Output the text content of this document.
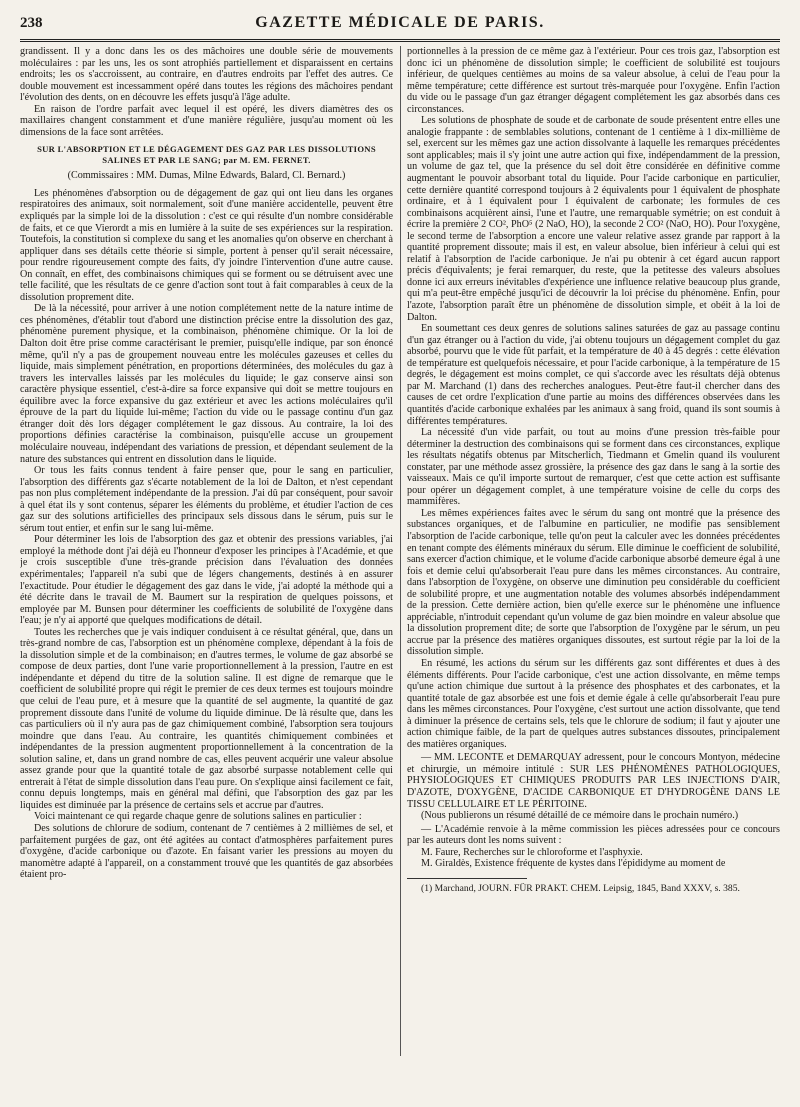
238	GAZETTE MÉDICALE DE PARIS.

grandissent. Il y a donc dans les os des mâchoires une double série de mouvements moléculaires : par les uns, les os sont atrophiés partiellement et disparaissent en certains endroits; les os s'accroissent, au contraire, en d'autres endroits par l'effet des autres. Ce double mouvement est incessamment opéré dans toutes les régions des mâchoires pendant l'évolution des dents, on en découvre les effets jusqu'à l'âge adulte.

En raison de l'ordre parfait avec lequel il est opéré, les divers diamètres des os maxillaires changent constamment et d'une manière régulière, jusqu'au moment où les dimensions de la face sont arrêtées.

SUR L'ABSORPTION ET LE DÉGAGEMENT DES GAZ PAR LES DISSOLUTIONS SALINES ET PAR LE SANG; par M. EM. FERNET.

(Commissaires : MM. Dumas, Milne Edwards, Balard, Cl. Bernard.)

Les phénomènes d'absorption ou de dégagement de gaz qui ont lieu dans les organes respiratoires des animaux, soit normalement, soit d'une manière accidentelle, peuvent être expliqués par la simple loi de la dissolution : c'est ce qui résulte d'un nombre considérable de faits, et ce que Vierordt a mis en lumière à la suite de ses expériences sur la respiration. Toutefois, la constitution si complexe du sang et les anomalies qu'on observe en cherchant à appliquer dans ses détails cette théorie si simple, portent à penser qu'il serait nécessaire, pour rendre rigoureusement compte des faits, d'y joindre l'intervention d'une autre cause. On connaît, en effet, des combinaisons chimiques qui se forment ou se détruisent avec une telle facilité, que les résultats de ce genre d'action sont tout à fait comparables à ceux de la dissolution proprement dite.

De là la nécessité, pour arriver à une notion complétement nette de la nature intime de ces phénomènes, d'établir tout d'abord une distinction précise entre la dissolution des gaz, phénomène purement physique, et la combinaison, phénomène chimique. Or la loi de Dalton doit être prise comme caractérisant le premier, puisqu'elle indique, par son énoncé même, qu'il n'y a pas de groupement nouveau entre les molécules gazeuses et celles du liquide, mais simplement pénétration, en proportions déterminées, des molécules du gaz à travers les intervalles laissés par les molécules du liquide; le gaz conserve ainsi son caractère physique essentiel, c'est-à-dire sa force expansive qui doit se mettre toujours en équilibre avec la force expansive du gaz extérieur et avec les actions moléculaires qu'il éprouve de la part du liquide lui-même; l'action du vide ou le passage continu d'un gaz étranger doit dès lors dégager complétement le gaz dissous. Au contraire, la loi des proportions définies caractérise la combinaison, puisqu'elle accuse un groupement moléculaire nouveau, indépendant des variations de pression, et dépendant seulement de la nature des substances qui entrent en dissolution dans le liquide.

Or tous les faits connus tendent à faire penser que, pour le sang en particulier, l'absorption des différents gaz s'écarte notablement de la loi de Dalton, et n'est cependant pas non plus complétement indépendante de la pression. J'ai dû par conséquent, pour savoir à quel état ils y sont contenus, séparer les éléments du problème, et étudier l'action de ces gaz sur des solutions artificielles des principaux sels dissous dans le sérum, puis sur le sérum tout entier, et enfin sur le sang lui-même.

Pour déterminer les lois de l'absorption des gaz et obtenir des pressions variables, j'ai employé la méthode dont j'ai déjà eu l'honneur d'exposer les principes à l'Académie, et que je crois susceptible d'une très-grande précision dans l'évaluation des données expérimentales; l'appareil n'a subi que de légers changements, destinés à en assurer l'exactitude. Pour étudier le dégagement des gaz dans le vide, j'ai adopté la méthode qui a été décrite dans le travail de M. Baumert sur la respiration de quelques poissons, et employée par M. Bunsen pour déterminer les coefficients de solubilité de l'oxygène dans l'eau; je n'y ai apporté que quelques modifications de détail.

Toutes les recherches que je vais indiquer conduisent à ce résultat général, que, dans un très-grand nombre de cas, l'absorption est un phénomène complexe, dépendant à la fois de la dissolution simple et de la combinaison; en d'autres termes, le volume de gaz absorbé se compose de deux parties, dont l'une varie proportionnellement à la pression, l'autre en est indépendante et dépend du titre de la solution saline. Il est digne de remarque que le coefficient de solubilité propre qui régit le premier de ces deux termes est toujours moindre que celui de l'eau pure, et à mesure que la quantité de sel augmente, la quantité de gaz proprement dissoute dans l'unité de volume du liquide diminue. De là résulte que, dans les cas particuliers où il n'y aura pas de gaz chimiquement combiné, l'absorption sera toujours moindre que dans l'eau. Au contraire, les quantités chimiquement combinées et indépendantes de la pression augmentent proportionnellement à la concentration de la solution saline, et, dans un grand nombre de cas, elles peuvent acquérir une valeur absolue assez grande pour que la quantité totale de gaz absorbé surpasse notablement celle qui entrerait à l'état de simple dissolution dans l'eau pure. On s'explique ainsi facilement ce fait, connu depuis longtemps, mais en général mal défini, que l'absorption des gaz par les liquides est diminuée par la présence de certains sels et accrue par d'autres.

Voici maintenant ce qui regarde chaque genre de solutions salines en particulier :

Des solutions de chlorure de sodium, contenant de 7 centièmes à 2 millièmes de sel, et parfaitement purgées de gaz, ont été agitées au contact d'atmosphères parfaitement pures d'oxygène, d'acide carbonique ou d'azote. En faisant varier les pressions au moyen du manomètre adapté à l'appareil, on a constamment trouvé que les quantités de gaz absorbées étaient pro-

portionnelles à la pression de ce même gaz à l'extérieur. Pour ces trois gaz, l'absorption est donc ici un phénomène de dissolution simple; le coefficient de solubilité est toujours inférieur, de quelques centièmes au moins de sa valeur absolue, à celui de l'eau pour la même température; cette différence est surtout très-marquée pour l'oxygène. Enfin l'action du vide ou le passage d'un gaz étranger dégagent complétement les gaz absorbés dans ces circonstances.

Les solutions de phosphate de soude et de carbonate de soude présentent entre elles une analogie frappante : de semblables solutions, contenant de 1 centième à 1 dix-millième de sel, exercent sur les mêmes gaz une action dissolvante à laquelle les remarques précédentes sont applicables; mais il s'y joint une autre action qui fixe, indépendamment de la pression, un volume de gaz tel, que la présence du sel doit être considérée en définitive comme augmentant le pouvoir absorbant total du liquide. Pour l'acide carbonique en particulier, cette dernière quantité correspond toujours à 2 équivalents pour 1 équivalent de phosphate ordinaire, et à 1 équivalent pour 1 équivalent de carbonate; les formules de ces combinaisons acquièrent ainsi, l'une et l'autre, une remarquable symétrie; on est conduit à écrire la première 2 CO², PhO⁵ (2 NaO, HO), la seconde 2 CO² (NaO, HO). Pour l'oxygène, le second terme de l'absorption a encore une valeur relative assez grande par rapport à la quantité proprement dissoute; mais il est, en valeur absolue, bien inférieur à celui qui est relatif à l'absorption de l'acide carbonique. Je n'ai pu obtenir à cet égard aucun rapport précis d'équivalents; je ferai remarquer, du reste, que la petitesse des valeurs absolues donne ici aux erreurs inévitables d'expérience une influence relative beaucoup plus grande, qui m'a peut-être empêché jusqu'ici de découvrir la loi précise du phénomène. Enfin, pour l'azote, l'absorption paraît être un phénomène de dissolution simple, et obéit à la loi de Dalton.

En soumettant ces deux genres de solutions salines saturées de gaz au passage continu d'un gaz étranger ou à l'action du vide, j'ai obtenu toujours un dégagement complet du gaz absorbé, pourvu que le vide fût parfait, et la température de 40 à 45 degrés : cette élévation de température est quelquefois nécessaire, et pour l'acide carbonique, à la température de 15 degrés, le dégagement est moins complet, ce qui s'accorde avec les résultats déjà obtenus par M. Marchand (1) dans des recherches analogues. Peut-être faut-il chercher dans des causes de cet ordre l'explication d'une partie au moins des différences observées dans les quantités d'acide carbonique exhalées par les animaux à sang froid, quand ils sont soumis à différentes températures.

La nécessité d'un vide parfait, ou tout au moins d'une pression très-faible pour déterminer la destruction des combinaisons qui se forment dans ces circonstances, explique les résultats négatifs obtenus par Mitscherlich, Tiedmann et Gmelin quand ils voulurent constater, par une méthode assez grossière, la présence des gaz dans le sang à la sortie des vaisseaux. Mais ce qu'il importe surtout de remarquer, c'est que cette action est suffisante pour opérer un dégagement complet, à une température voisine de celle du corps des mammifères.

Les mêmes expériences faites avec le sérum du sang ont montré que la présence des substances organiques, et de l'albumine en particulier, ne modifie pas sensiblement l'absorption de l'acide carbonique, telle qu'on peut la calculer avec les données précédentes en tenant compte des éléments minéraux du sérum. Elle diminue le coefficient de solubilité, sans exercer d'action chimique, et le volume d'acide carbonique absorbé demeure égal à une fois et demie celui qu'absorberait l'eau pure dans les mêmes circonstances. Au contraire, dans l'absorption de l'oxygène, on observe une diminution peu considérable du coefficient de solubilité propre, et une augmentation notable des volumes absorbés indépendamment de la pression. Cette dernière action, bien qu'elle exerce sur le phénomène une influence appréciable, n'introduit cependant qu'un volume de gaz bien moindre en valeur absolue que la dissolution proprement dite; de sorte que l'absorption de l'oxygène par le sérum, un peu accrue par la présence des matières organiques dissoutes, est surtout régie par la loi de la dissolution simple.

En résumé, les actions du sérum sur les différents gaz sont différentes et dues à des éléments différents. Pour l'acide carbonique, c'est une action dissolvante, en même temps qu'une action chimique due surtout à la présence des phosphates et des carbonates, et la quantité totale de gaz absorbée est une fois et demie égale à celle qu'absorberait l'eau pure dans les mêmes circonstances. Pour l'oxygène, c'est surtout une action dissolvante, que tend à diminuer la présence de certains sels, tels que le chlorure de sodium; il faut y ajouter une action chimique faible, de la part de quelques autres substances dissoutes, principalement des matières organiques.

— MM. LECONTE et DEMARQUAY adressent, pour le concours Montyon, médecine et chirurgie, un mémoire intitulé : SUR LES PHÉNOMÈNES PATHOLOGIQUES, PHYSIOLOGIQUES ET CHIMIQUES PRODUITS PAR LES INJECTIONS D'AIR, D'AZOTE, D'OXYGÈNE, D'ACIDE CARBONIQUE ET D'HYDROGÈNE DANS LE TISSU CELLULAIRE ET LE PÉRITOINE.

(Nous publierons un résumé détaillé de ce mémoire dans le prochain numéro.)

— L'Académie renvoie à la même commission les pièces adressées pour ce concours par les auteurs dont les noms suivent :

M. Faure, Recherches sur le chloroforme et l'asphyxie.

M. Giraldès, Existence fréquente de kystes dans l'épididyme au moment de

(1) Marchand, JOURN. FÜR PRAKT. CHEM. Leipsig, 1845, Band XXXV, s. 385.
